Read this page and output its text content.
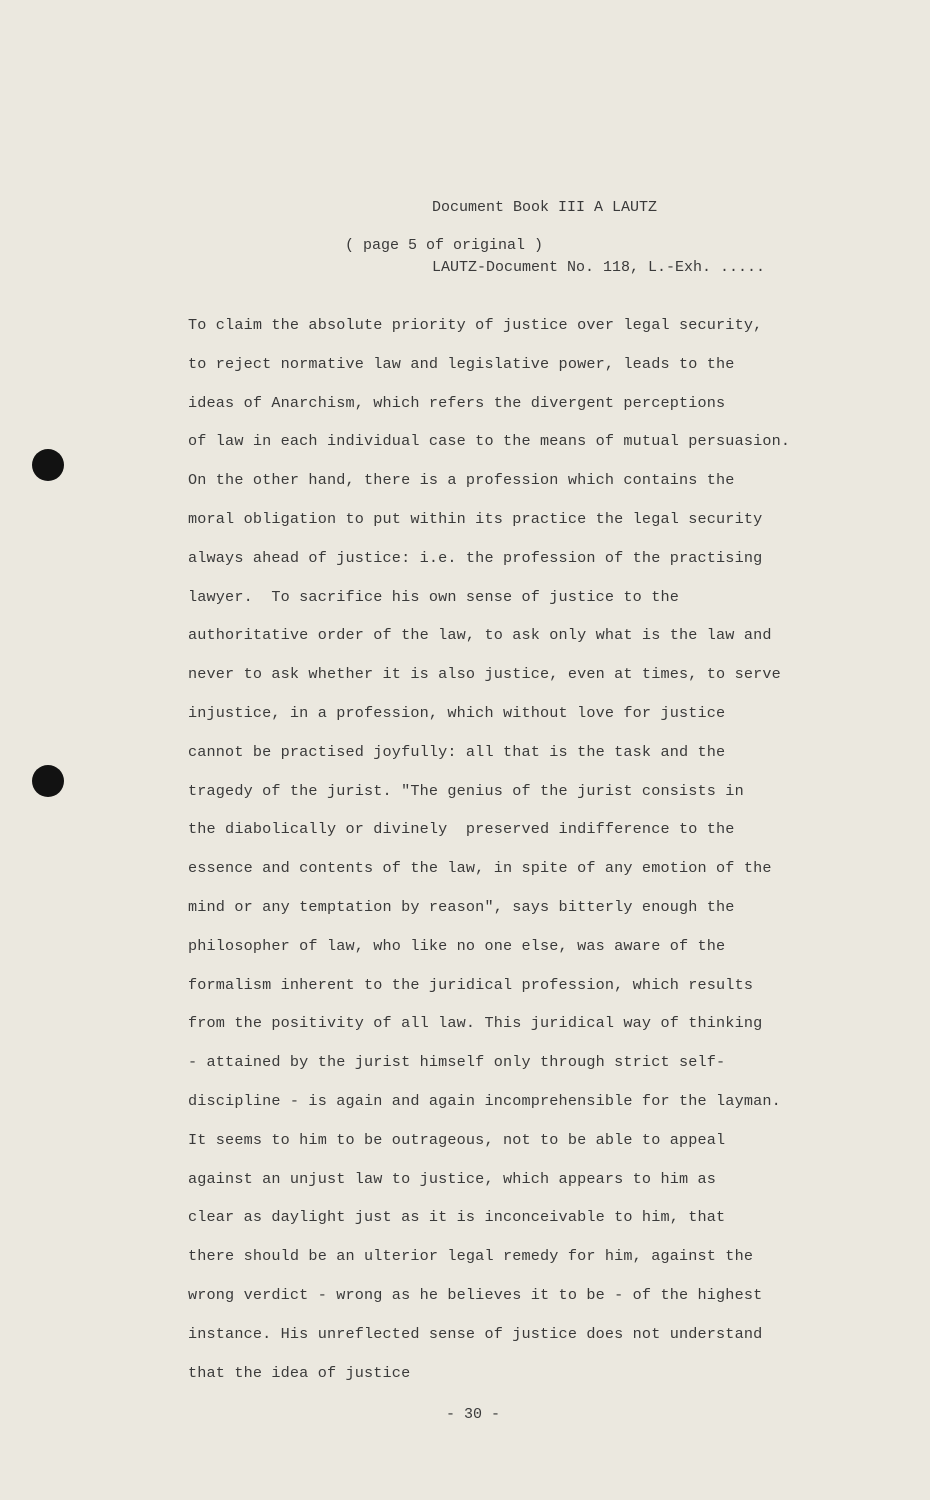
Document Book III A LAUTZ

LAUTZ-Document No. 118, L.-Exh. .....

( page 5 of original )
To claim the absolute priority of justice over legal security,
to reject normative law and legislative power, leads to the
ideas of Anarchism, which refers the divergent perceptions
of law in each individual case to the means of mutual persuasion.
On the other hand, there is a profession which contains the
moral obligation to put within its practice the legal security
always ahead of justice: i.e. the profession of the practising
lawyer.  To sacrifice his own sense of justice to the
authoritative order of the law, to ask only what is the law and
never to ask whether it is also justice, even at times, to serve
injustice, in a profession, which without love for justice
cannot be practised joyfully: all that is the task and the
tragedy of the jurist. "The genius of the jurist consists in
the diabolically or divinely  preserved indifference to the
essence and contents of the law, in spite of any emotion of the
mind or any temptation by reason", says bitterly enough the
philosopher of law, who like no one else, was aware of the
formalism inherent to the juridical profession, which results
from the positivity of all law. This juridical way of thinking
- attained by the jurist himself only through strict self-
discipline - is again and again incomprehensible for the layman.
It seems to him to be outrageous, not to be able to appeal
against an unjust law to justice, which appears to him as
clear as daylight just as it is inconceivable to him, that
there should be an ulterior legal remedy for him, against the
wrong verdict - wrong as he believes it to be - of the highest
instance. His unreflected sense of justice does not understand
that the idea of justice
- 30 -
